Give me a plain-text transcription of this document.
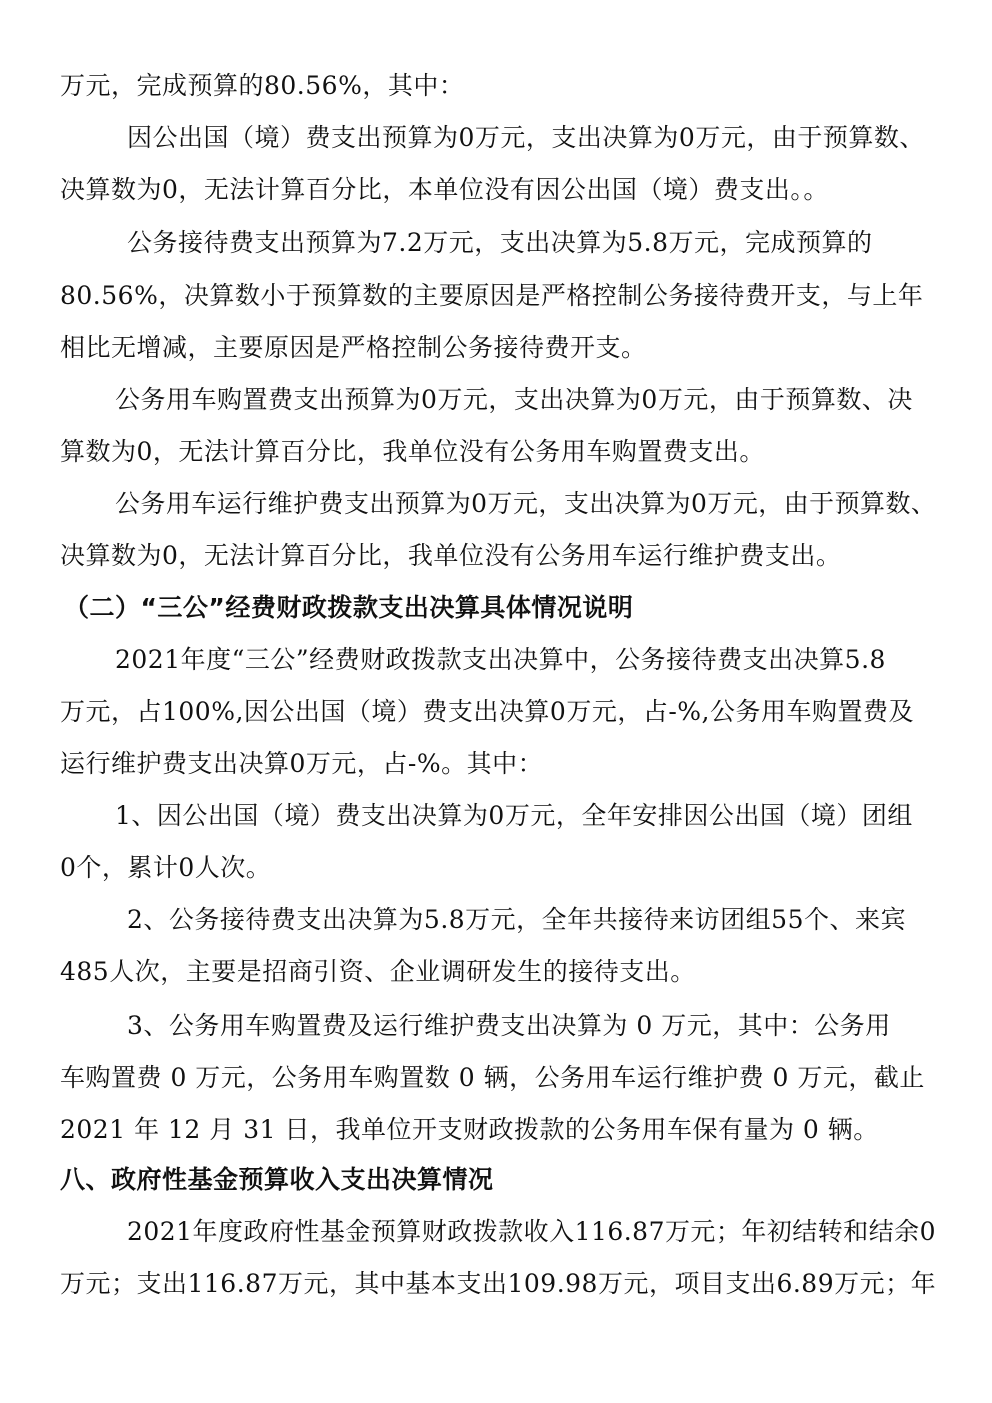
万元，完成预算的80.56%，其中：
因公出国（境）费支出预算为0万元，支出决算为0万元，由于预算数、
决算数为0，无法计算百分比，本单位没有因公出国（境）费支出。。
公务接待费支出预算为7.2万元，支出决算为5.8万元，完成预算的
80.56%，决算数小于预算数的主要原因是严格控制公务接待费开支，与上年
相比无增减，主要原因是严格控制公务接待费开支。
公务用车购置费支出预算为0万元，支出决算为0万元，由于预算数、决
算数为0，无法计算百分比，我单位没有公务用车购置费支出。
公务用车运行维护费支出预算为0万元，支出决算为0万元，由于预算数、
决算数为0，无法计算百分比，我单位没有公务用车运行维护费支出。
（二）“三公”经费财政拨款支出决算具体情况说明
2021年度“三公”经费财政拨款支出决算中，公务接待费支出决算5.8
万元，占100%,因公出国（境）费支出决算0万元，占-%,公务用车购置费及
运行维护费支出决算0万元，占-%。其中：
1、因公出国（境）费支出决算为0万元，全年安排因公出国（境）团组
0个，累计0人次。
2、公务接待费支出决算为5.8万元，全年共接待来访团组55个、来宾
485人次，主要是招商引资、企业调研发生的接待支出。
3、公务用车购置费及运行维护费支出决算为 0 万元，其中：公务用
车购置费 0 万元，公务用车购置数 0 辆，公务用车运行维护费 0 万元，截止
2021 年 12 月 31 日，我单位开支财政拨款的公务用车保有量为 0 辆。
八、政府性基金预算收入支出决算情况
2021年度政府性基金预算财政拨款收入116.87万元；年初结转和结余0
万元；支出116.87万元，其中基本支出109.98万元，项目支出6.89万元；年
